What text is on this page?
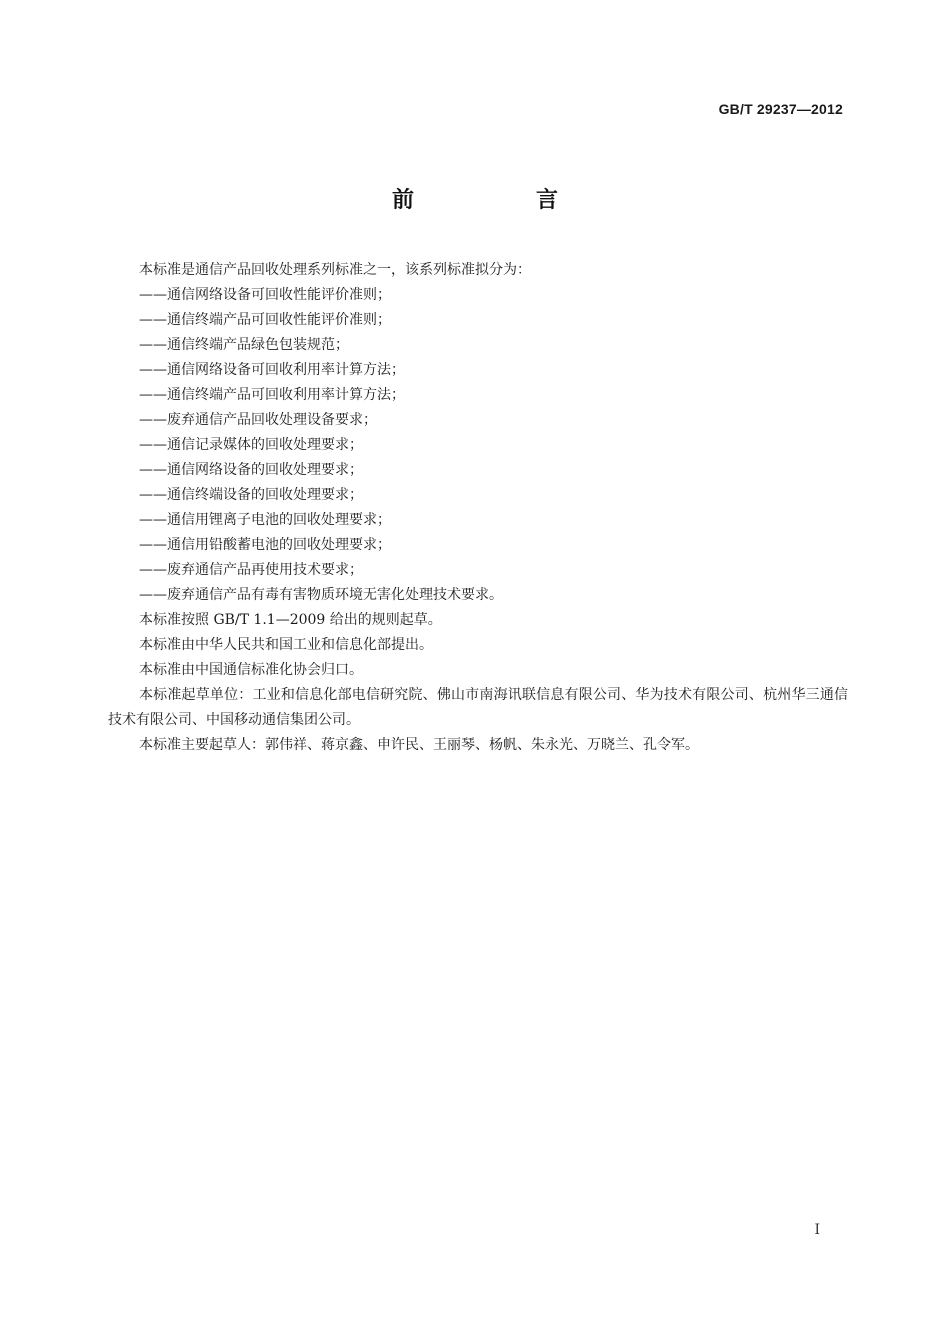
GB/T 29237—2012
前　言

本标准是通信产品回收处理系列标准之一，该系列标准拟分为：

——通信网络设备可回收性能评价准则；

——通信终端产品可回收性能评价准则；

——通信终端产品绿色包装规范；

——通信网络设备可回收利用率计算方法；

——通信终端产品可回收利用率计算方法；

——废弃通信产品回收处理设备要求；

——通信记录媒体的回收处理要求；

——通信网络设备的回收处理要求；

——通信终端设备的回收处理要求；

——通信用锂离子电池的回收处理要求；

——通信用铅酸蓄电池的回收处理要求；

——废弃通信产品再使用技术要求；

——废弃通信产品有毒有害物质环境无害化处理技术要求。

本标准按照 GB/T 1.1—2009 给出的规则起草。

本标准由中华人民共和国工业和信息化部提出。

本标准由中国通信标准化协会归口。

本标准起草单位：工业和信息化部电信研究院、佛山市南海讯联信息有限公司、华为技术有限公司、杭州华三通信技术有限公司、中国移动通信集团公司。

本标准主要起草人：郭伟祥、蒋京鑫、申许民、王丽琴、杨帆、朱永光、万晓兰、孔令军。

I
